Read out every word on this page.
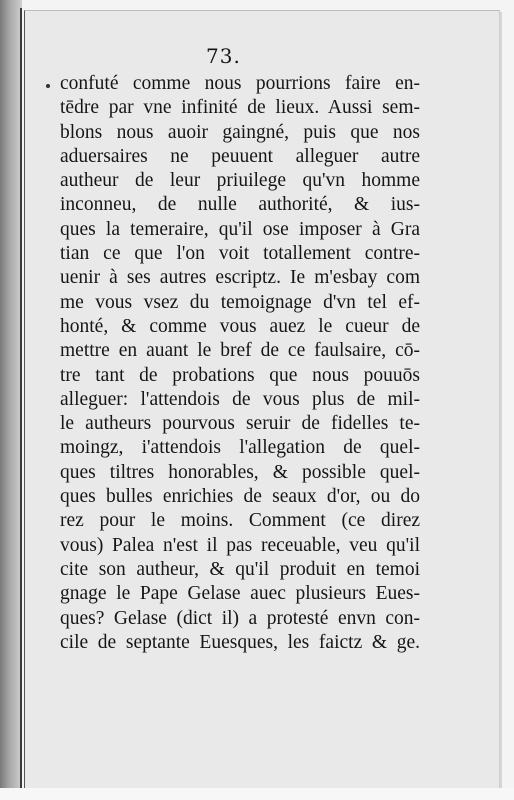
73.
confuté comme nous pourrions faire en-
tēdre par vne infinité de lieux. Aussi sem-
blons nous auoir gaingné, puis que nos
aduersaires ne peuuent alleguer autre
autheur de leur priuilege qu'vn homme
inconneu, de nulle authorité, & ius-
ques la temeraire, qu'il ose imposer à Gra
tian ce que l'on voit totallement contre-
uenir à ses autres escriptz. Ie m'esbay com
me vous vsez du temoignage d'vn tel ef-
honté, & comme vous auez le cueur de
mettre en auant le bref de ce faulsaire, cō-
tre tant de probations que nous pouuōs
alleguer: l'attendois de vous plus de mil-
le autheurs pourvous seruir de fidelles te-
moingz, i'attendois l'allegation de quel-
ques tiltres honorables, & possible quel-
ques bulles enrichies de seaux d'or, ou do
rez pour le moins. Comment (ce direz
vous) Palea n'est il pas receuable, veu qu'il
cite son autheur, & qu'il produit en temoi
gnage le Pape Gelase auec plusieurs Eues-
ques? Gelase (dict il) a protesté envn con-
cile de septante Euesques, les faictz & ge.
